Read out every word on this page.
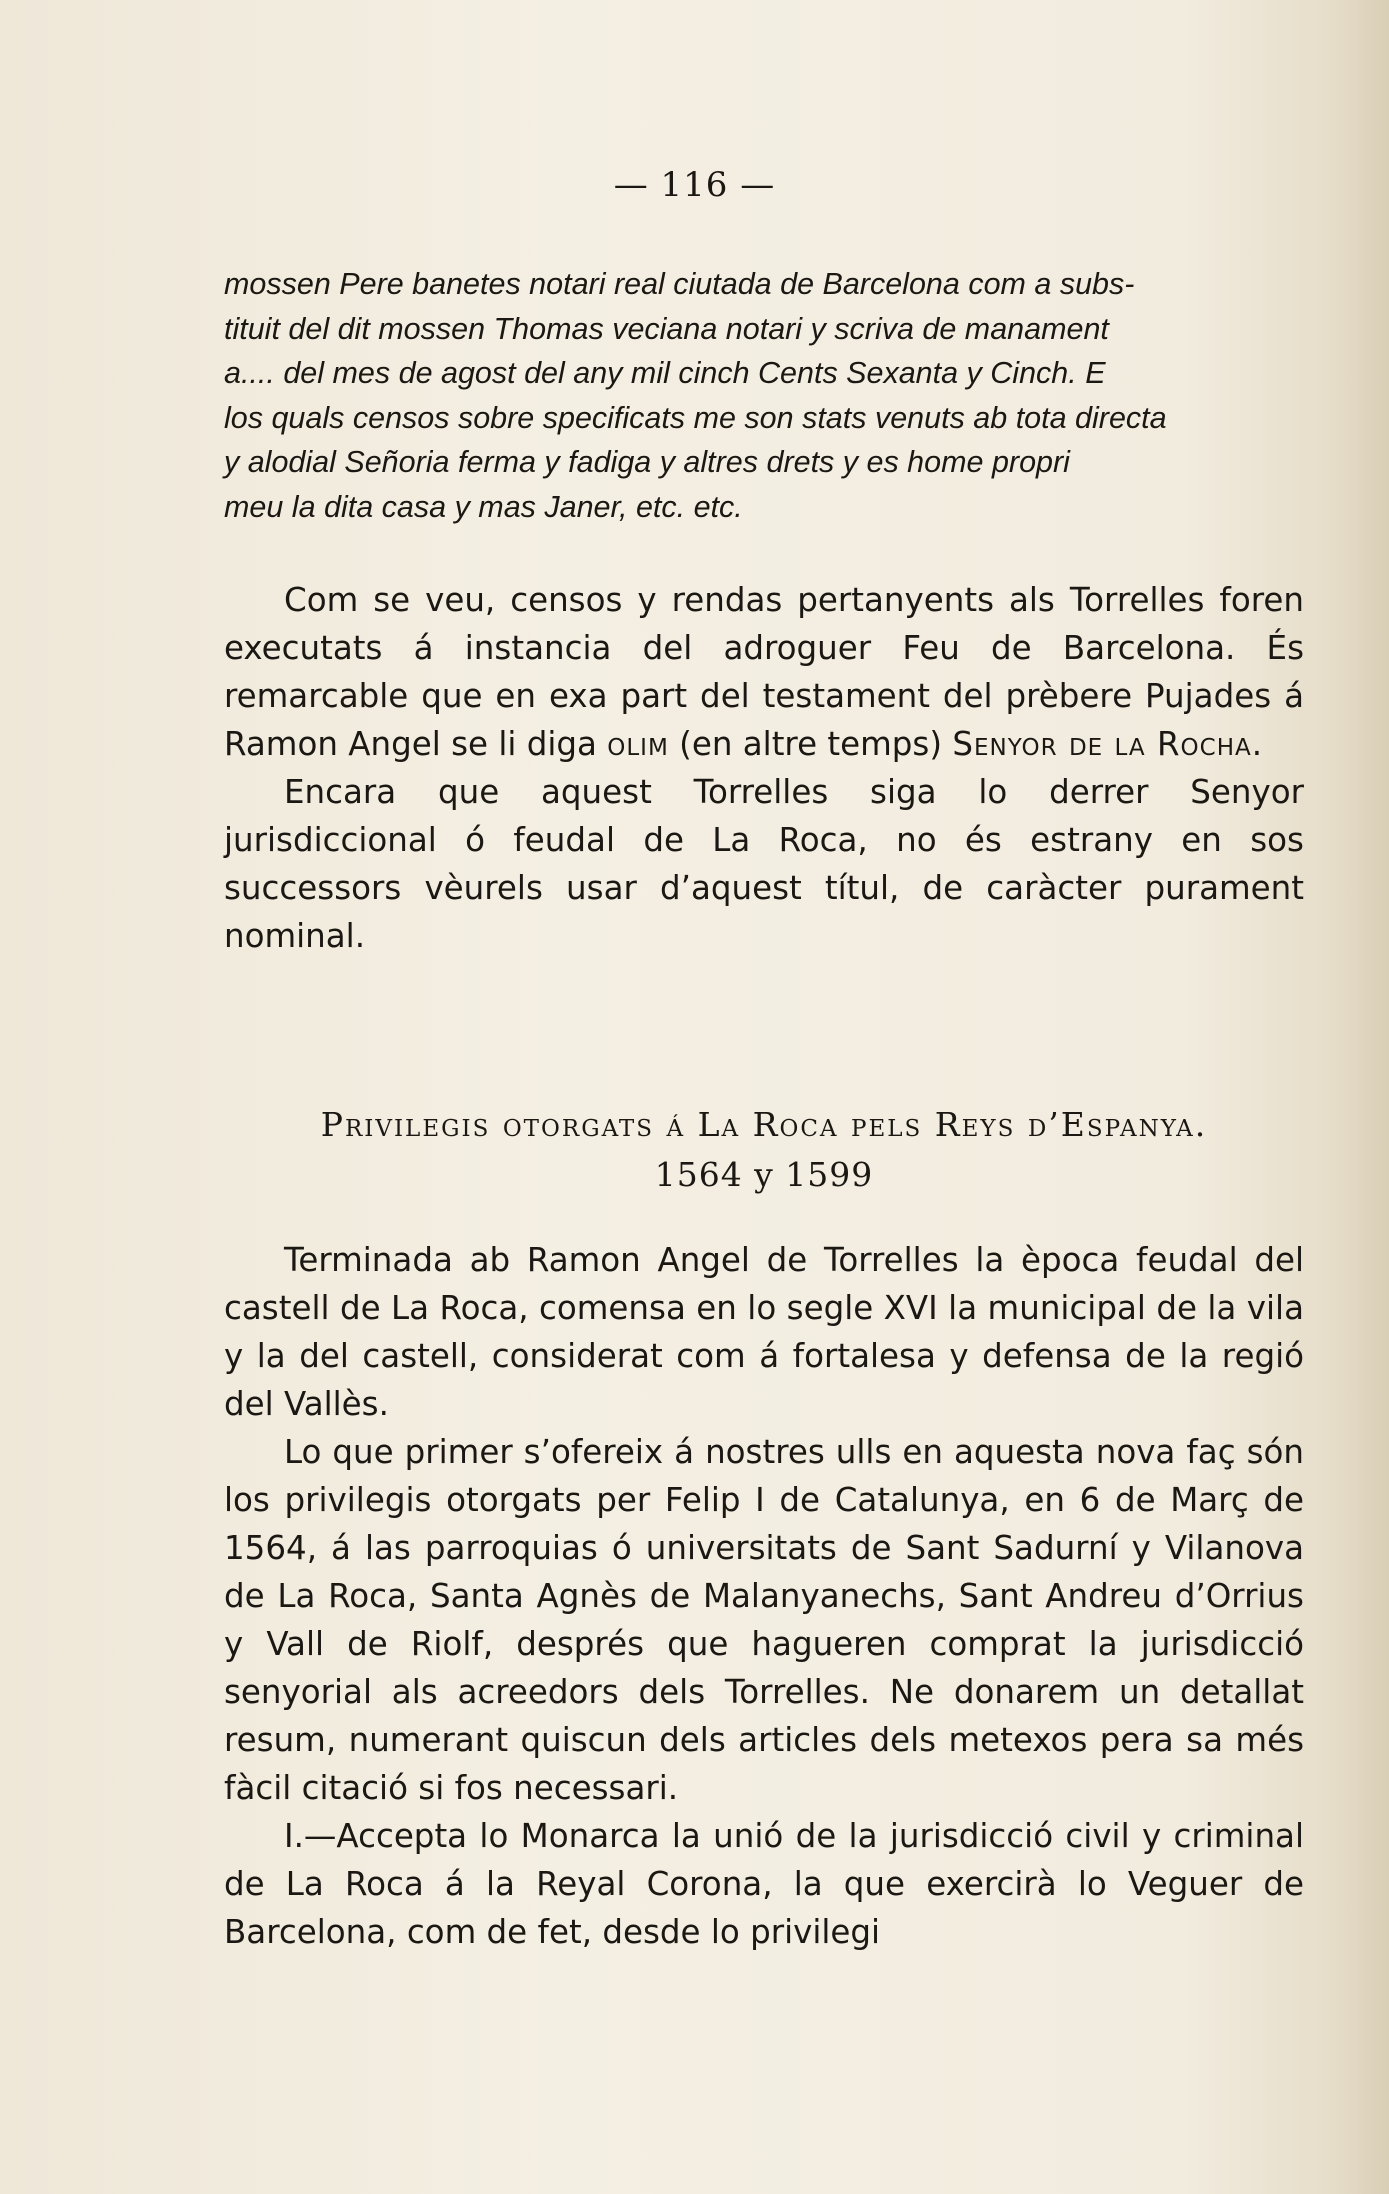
— 116 —

mossen Pere banetes notari real ciutada de Barcelona com a subs-

tituit del dit mossen Thomas veciana notari y scriva de manament

a.... del mes de agost del any mil cinch Cents Sexanta y Cinch. E

los quals censos sobre specificats me son stats venuts ab tota directa

y alodial Señoria ferma y fadiga y altres drets y es home propri

meu la dita casa y mas Janer, etc. etc.

Com se veu, censos y rendas pertanyents als Torrelles foren executats á instancia del adroguer Feu de Barcelona. És remarcable que en exa part del testament del prèbere Pujades á Ramon Angel se li diga olim (en altre temps) Senyor de la Rocha.

Encara que aquest Torrelles siga lo derrer Senyor jurisdiccional ó feudal de La Roca, no és estrany en sos successors vèurels usar d’aquest títul, de caràcter purament nominal.

Privilegis otorgats á La Roca pels Reys d’Espanya.
1564 y 1599

Terminada ab Ramon Angel de Torrelles la època feudal del castell de La Roca, comensa en lo segle XVI la municipal de la vila y la del castell, considerat com á fortalesa y defensa de la regió del Vallès.

Lo que primer s’ofereix á nostres ulls en aquesta nova faç són los privilegis otorgats per Felip I de Catalunya, en 6 de Març de 1564, á las parroquias ó universitats de Sant Sadurní y Vilanova de La Roca, Santa Agnès de Malanyanechs, Sant Andreu d’Orrius y Vall de Riolf, després que hagueren comprat la jurisdicció senyorial als acreedors dels Torrelles. Ne donarem un detallat resum, numerant quiscun dels articles dels metexos pera sa més fàcil citació si fos necessari.

I.—Accepta lo Monarca la unió de la jurisdicció civil y criminal de La Roca á la Reyal Corona, la que exercirà lo Veguer de Barcelona, com de fet, desde lo privilegi
